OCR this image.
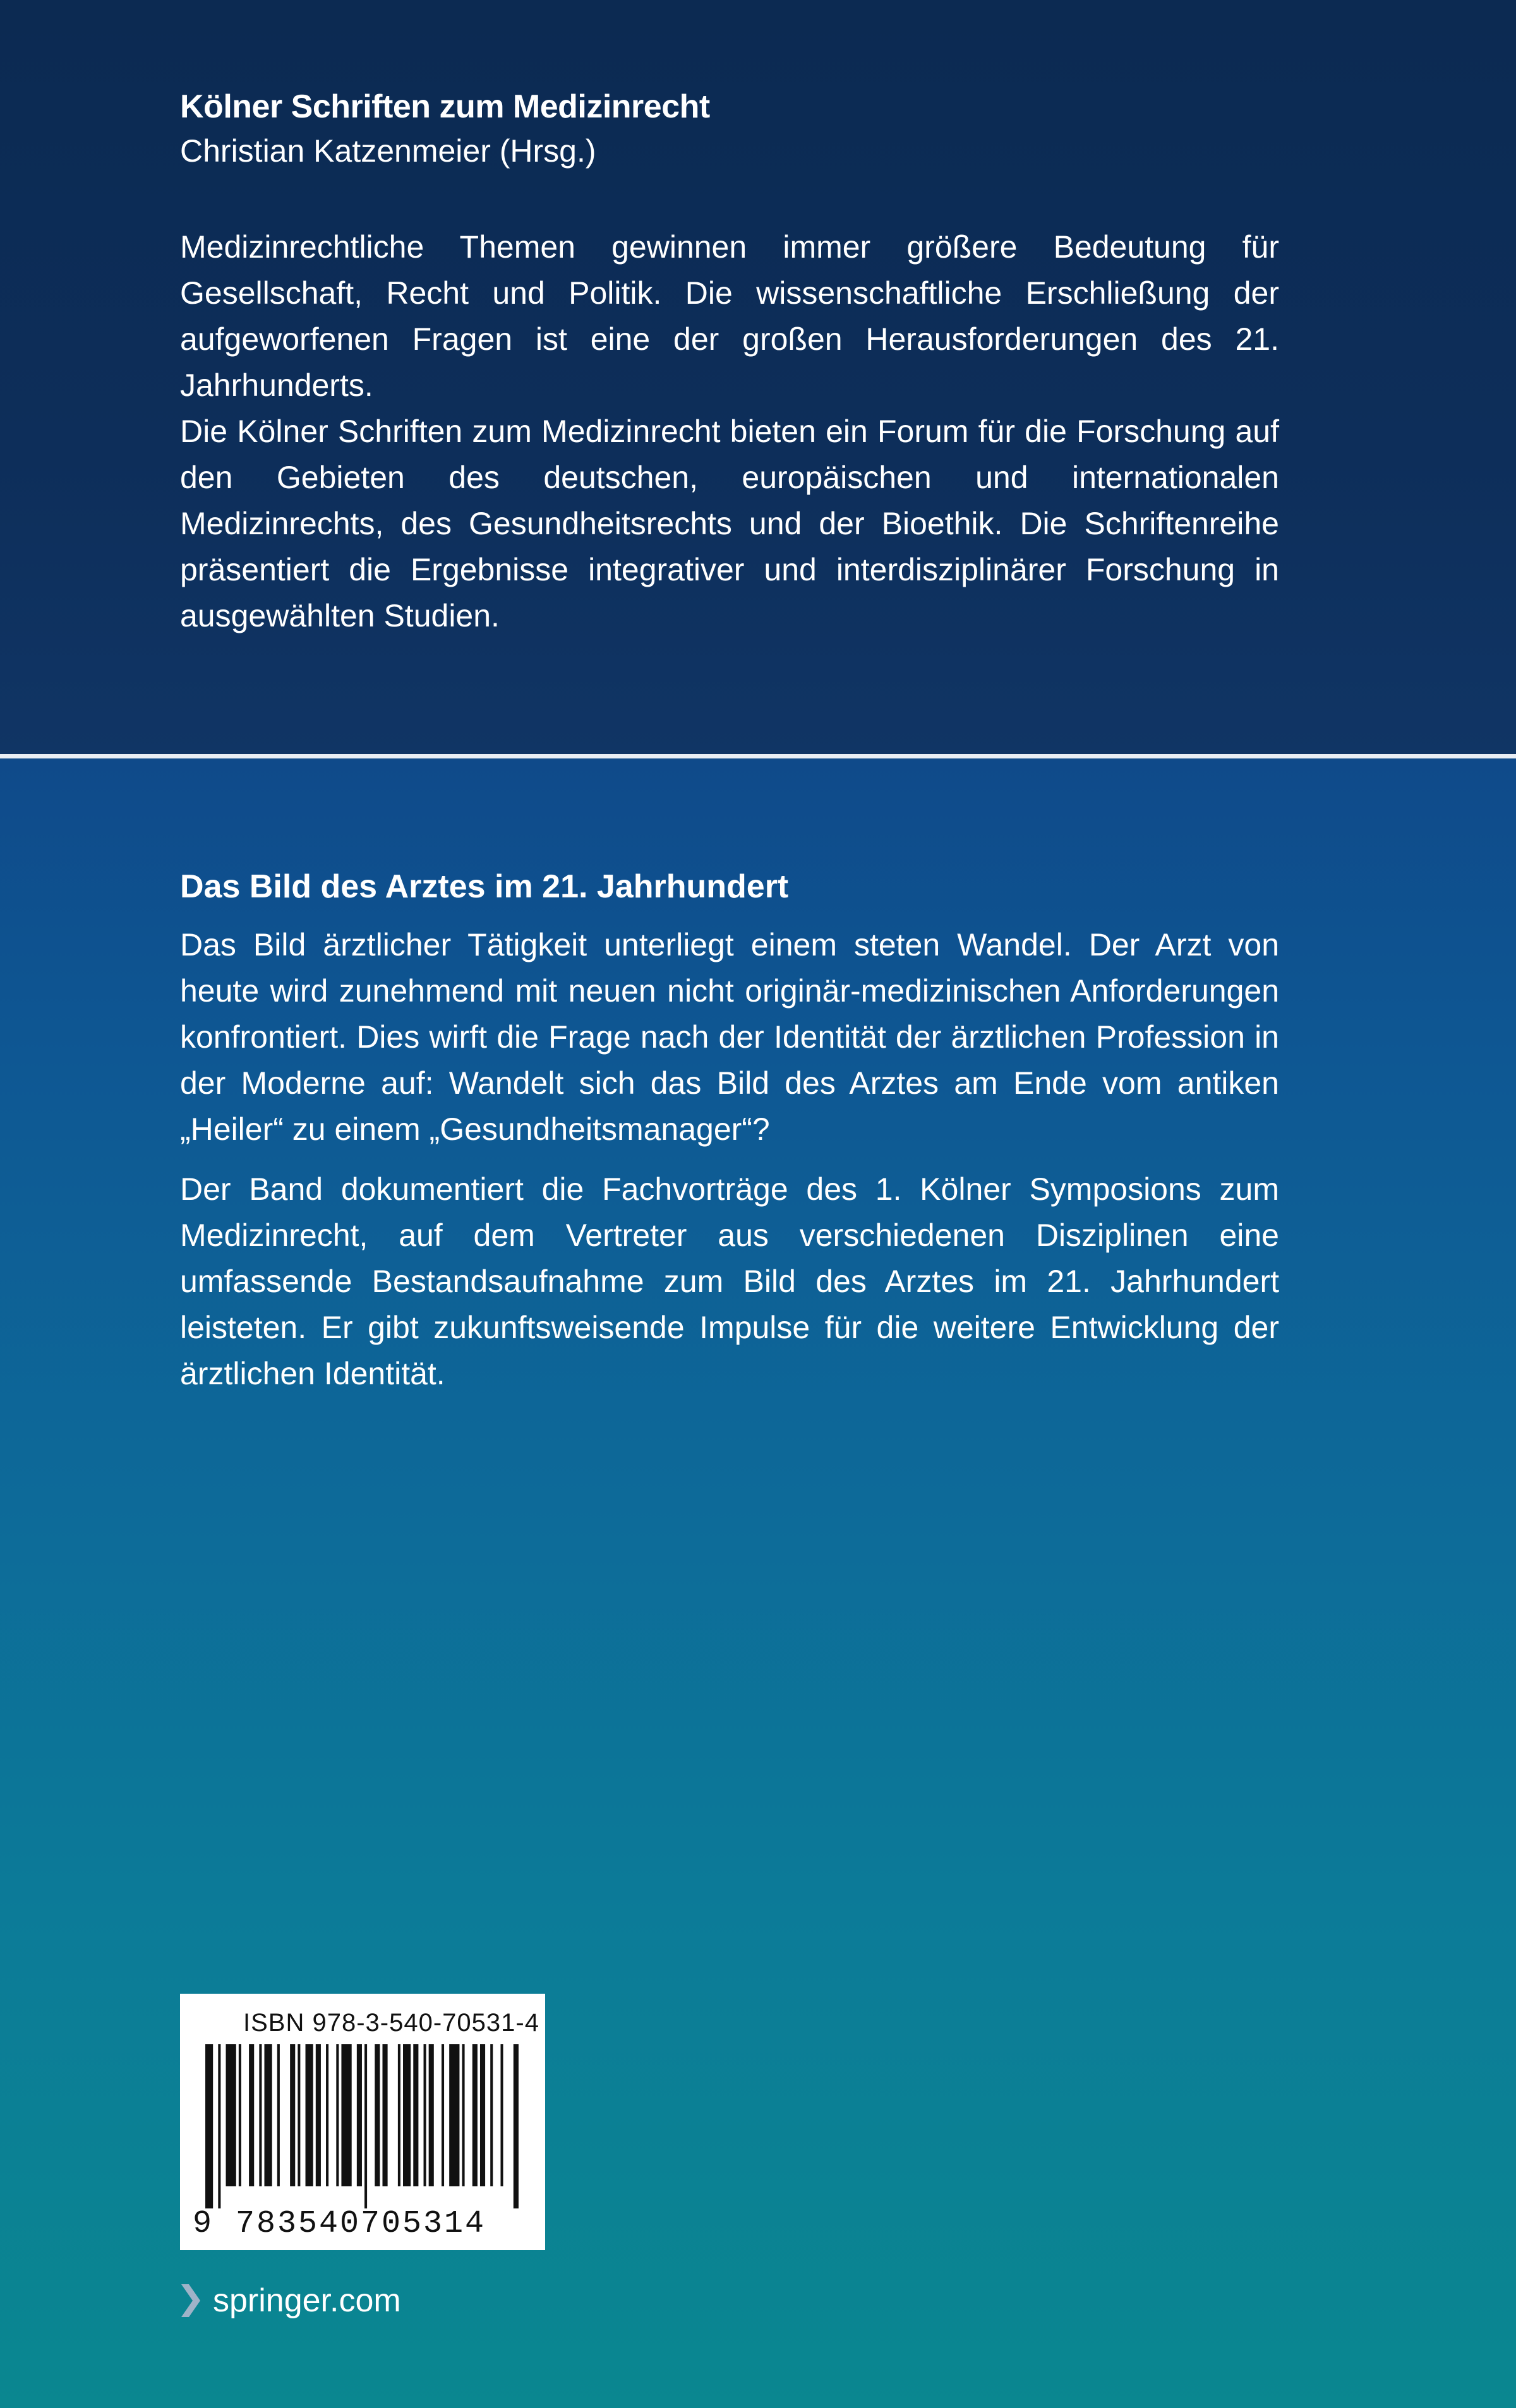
Kölner Schriften zum Medizinrecht
Christian Katzenmeier (Hrsg.)

Medizinrechtliche Themen gewinnen immer größere Bedeutung für Gesellschaft, Recht und Politik. Die wissenschaftliche Erschließung der aufgeworfenen Fragen ist eine der großen Herausforderungen des 21. Jahrhunderts.

Die Kölner Schriften zum Medizinrecht bieten ein Forum für die Forschung auf den Gebieten des deutschen, europäischen und internationalen Medizinrechts, des Gesundheitsrechts und der Bioethik. Die Schriftenreihe präsentiert die Ergebnisse integrativer und interdisziplinärer Forschung in ausgewählten Studien.

Das Bild des Arztes im 21. Jahrhundert

Das Bild ärztlicher Tätigkeit unterliegt einem steten Wandel. Der Arzt von heute wird zunehmend mit neuen nicht originär-medizinischen Anforderungen konfrontiert. Dies wirft die Frage nach der Identität der ärztlichen Profession in der Moderne auf: Wandelt sich das Bild des Arztes am Ende vom antiken „Heiler“ zu einem „Gesundheitsmanager“?

Der Band dokumentiert die Fachvorträge des 1. Kölner Symposions zum Medizinrecht, auf dem Vertreter aus verschiedenen Disziplinen eine umfassende Bestandsaufnahme zum Bild des Arztes im 21. Jahrhundert leisteten. Er gibt zukunftsweisende Impulse für die weitere Entwicklung der ärztlichen Identität.

ISBN 978-3-540-70531-4
9 783540705314
springer.com
